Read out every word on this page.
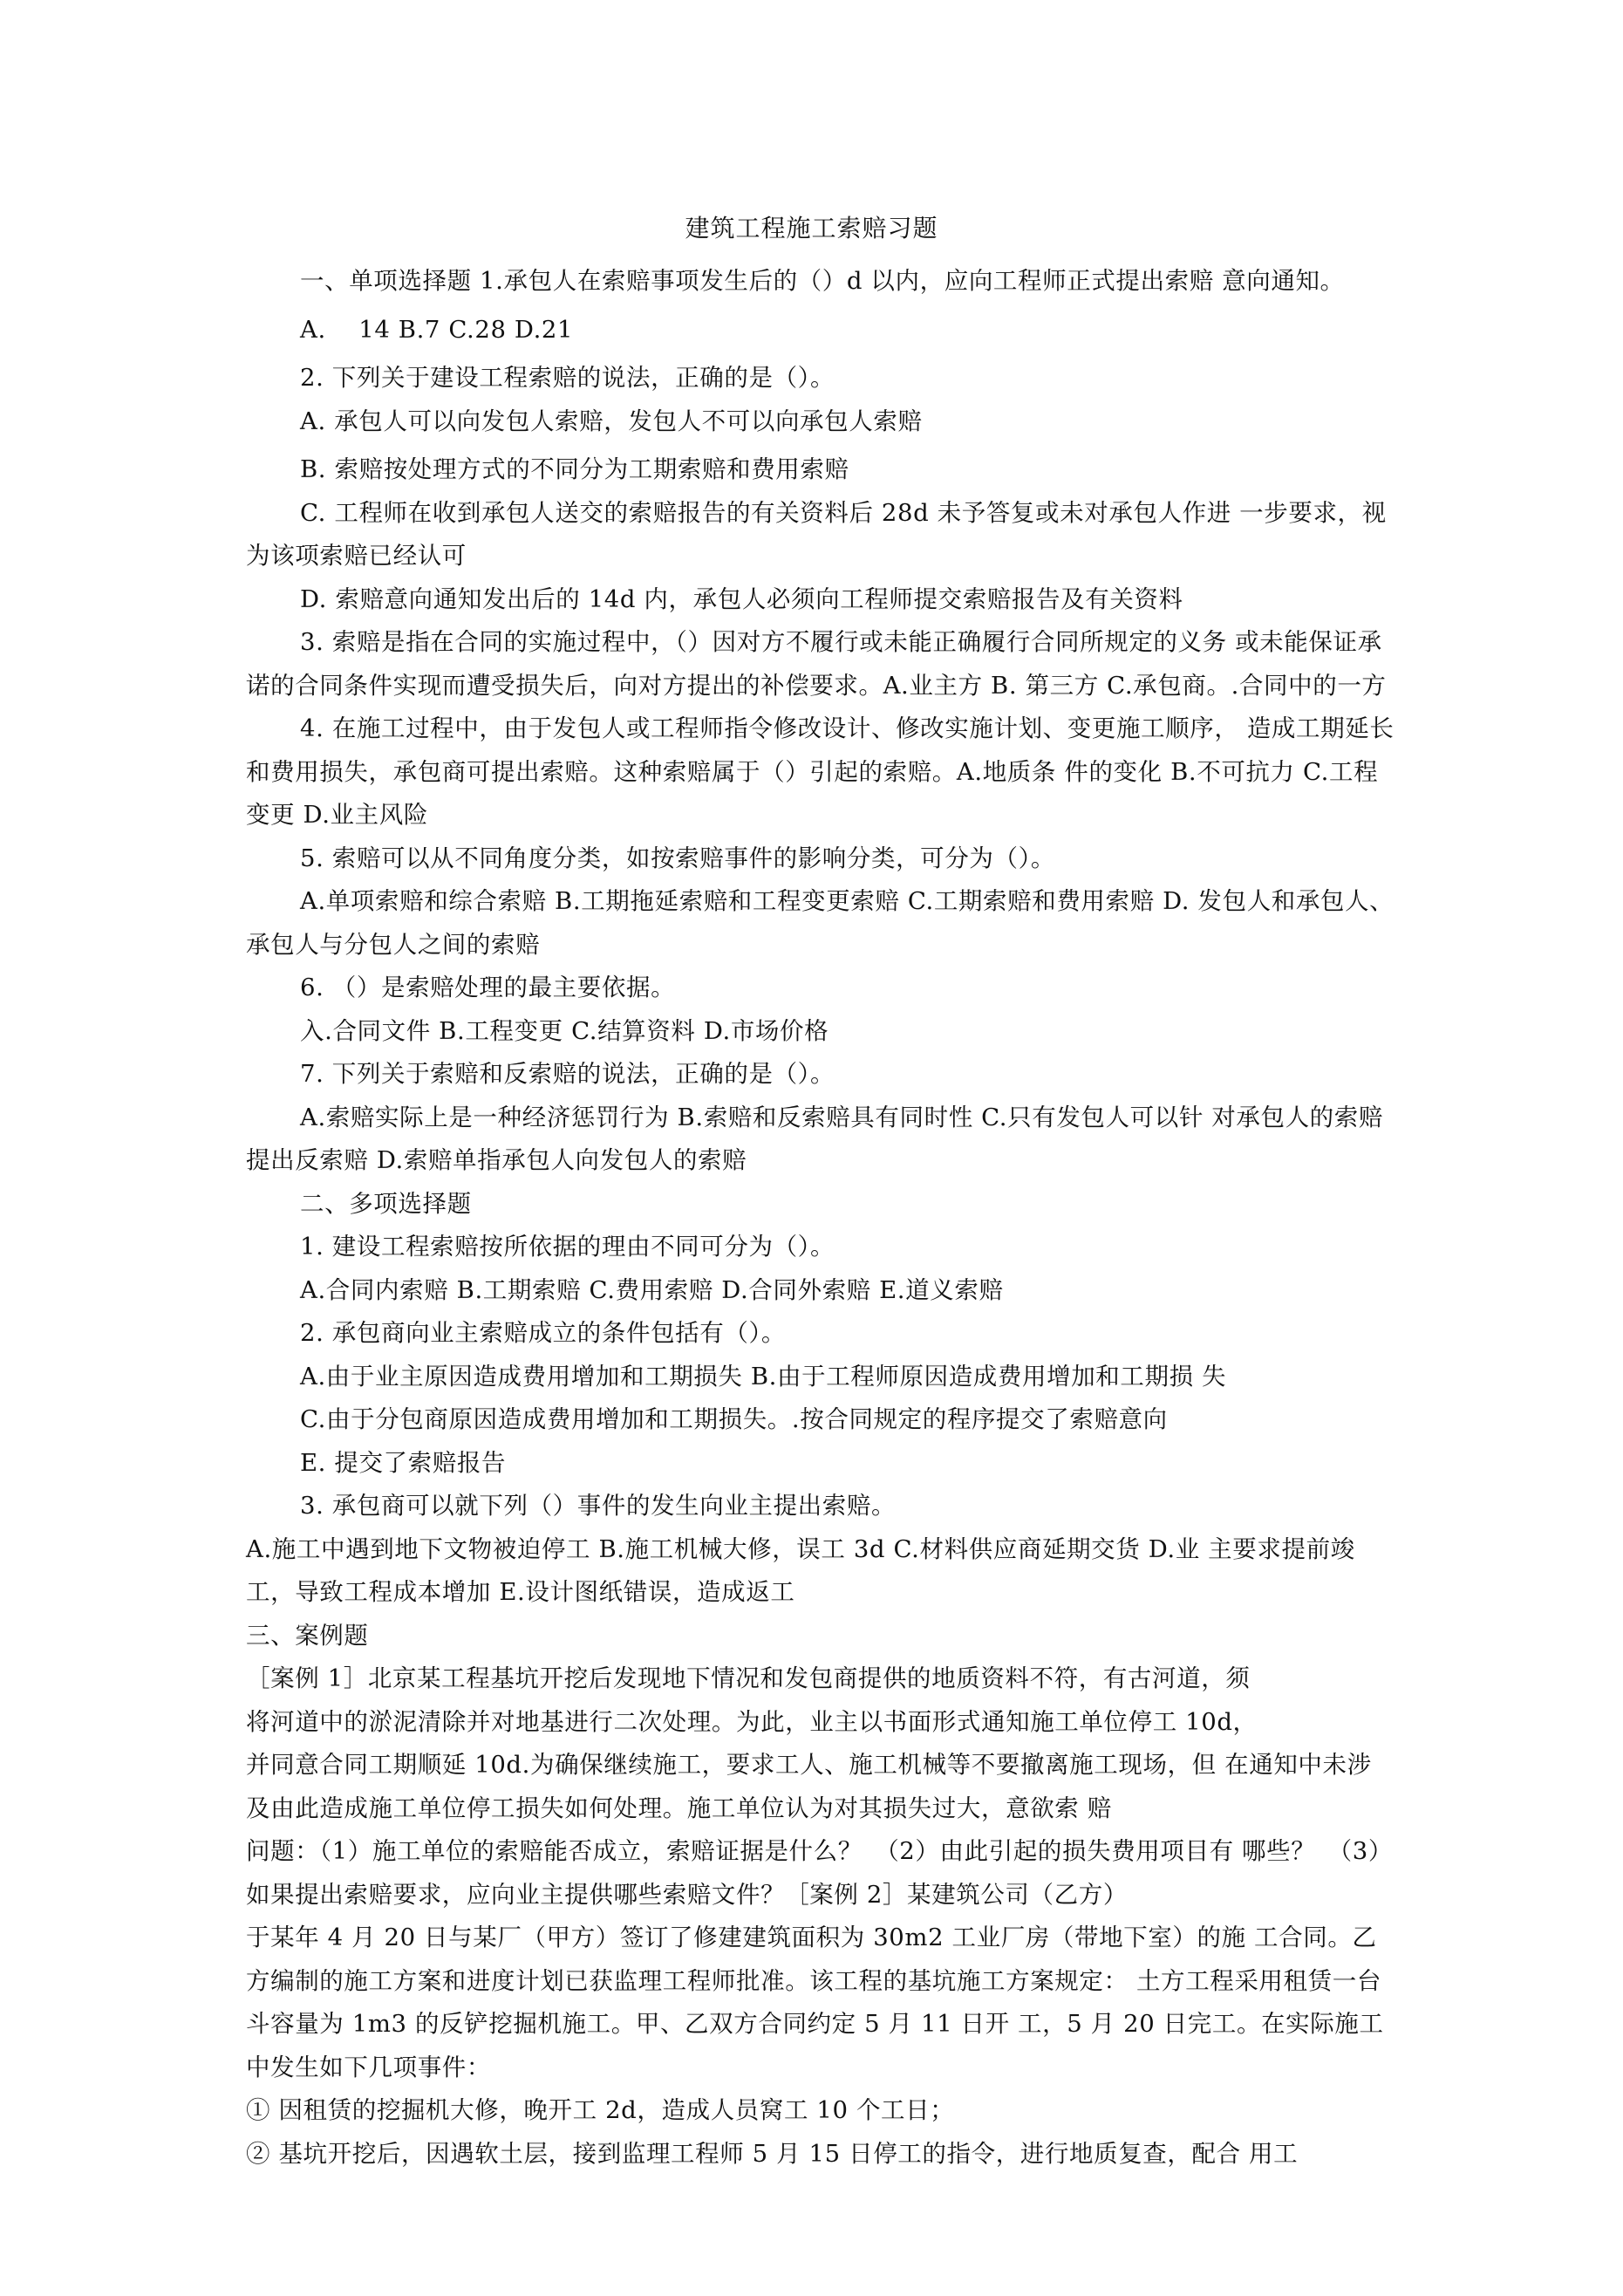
建筑工程施工索赔习题

一、单项选择题 1.承包人在索赔事项发生后的（）d 以内，应向工程师正式提出索赔 意向通知。

A.　 14 B.7 C.28 D.21

2. 下列关于建设工程索赔的说法，正确的是（）。

A. 承包人可以向发包人索赔，发包人不可以向承包人索赔

B. 索赔按处理方式的不同分为工期索赔和费用索赔

C. 工程师在收到承包人送交的索赔报告的有关资料后 28d 未予答复或未对承包人作进 一步要求，视为该项索赔已经认可

D. 索赔意向通知发出后的 14d 内，承包人必须向工程师提交索赔报告及有关资料

3. 索赔是指在合同的实施过程中，（）因对方不履行或未能正确履行合同所规定的义务 或未能保证承诺的合同条件实现而遭受损失后，向对方提出的补偿要求。A.业主方 B. 第三方 C.承包商。.合同中的一方

4. 在施工过程中，由于发包人或工程师指令修改设计、修改实施计划、变更施工顺序， 造成工期延长和费用损失，承包商可提出索赔。这种索赔属于（）引起的索赔。A.地质条 件的变化 B.不可抗力 C.工程变更 D.业主风险

5. 索赔可以从不同角度分类，如按索赔事件的影响分类，可分为（）。

A.单项索赔和综合索赔 B.工期拖延索赔和工程变更索赔 C.工期索赔和费用索赔 D. 发包人和承包人、承包人与分包人之间的索赔

6. （）是索赔处理的最主要依据。

入.合同文件 B.工程变更 C.结算资料 D.市场价格

7. 下列关于索赔和反索赔的说法，正确的是（）。

A.索赔实际上是一种经济惩罚行为 B.索赔和反索赔具有同时性 C.只有发包人可以针 对承包人的索赔提出反索赔 D.索赔单指承包人向发包人的索赔

二、多项选择题

1. 建设工程索赔按所依据的理由不同可分为（）。

A.合同内索赔 B.工期索赔 C.费用索赔 D.合同外索赔 E.道义索赔

2. 承包商向业主索赔成立的条件包括有（）。

A.由于业主原因造成费用增加和工期损失 B.由于工程师原因造成费用增加和工期损 失

C.由于分包商原因造成费用增加和工期损失。.按合同规定的程序提交了索赔意向

E. 提交了索赔报告

3. 承包商可以就下列（）事件的发生向业主提出索赔。

A.施工中遇到地下文物被迫停工 B.施工机械大修，误工 3d C.材料供应商延期交货 D.业 主要求提前竣工，导致工程成本增加 E.设计图纸错误，造成返工

三、案例题

［案例 1］北京某工程基坑开挖后发现地下情况和发包商提供的地质资料不符，有古河道，须

将河道中的淤泥清除并对地基进行二次处理。为此，业主以书面形式通知施工单位停工 10d，

并同意合同工期顺延 10d.为确保继续施工，要求工人、施工机械等不要撤离施工现场，但 在通知中未涉及由此造成施工单位停工损失如何处理。施工单位认为对其损失过大，意欲索 赔

问题：（1）施工单位的索赔能否成立，索赔证据是什么？　（2）由此引起的损失费用项目有 哪些？　（3）如果提出索赔要求，应向业主提供哪些索赔文件？［案例 2］某建筑公司（乙方）

于某年 4 月 20 日与某厂（甲方）签订了修建建筑面积为 30m2 工业厂房（带地下室）的施 工合同。乙方编制的施工方案和进度计划已获监理工程师批准。该工程的基坑施工方案规定： 土方工程采用租赁一台斗容量为 1m3 的反铲挖掘机施工。甲、乙双方合同约定 5 月 11 日开 工，5 月 20 日完工。在实际施工中发生如下几项事件：

① 因租赁的挖掘机大修，晚开工 2d，造成人员窝工 10 个工日；

② 基坑开挖后，因遇软土层，接到监理工程师 5 月 15 日停工的指令，进行地质复查，配合 用工
